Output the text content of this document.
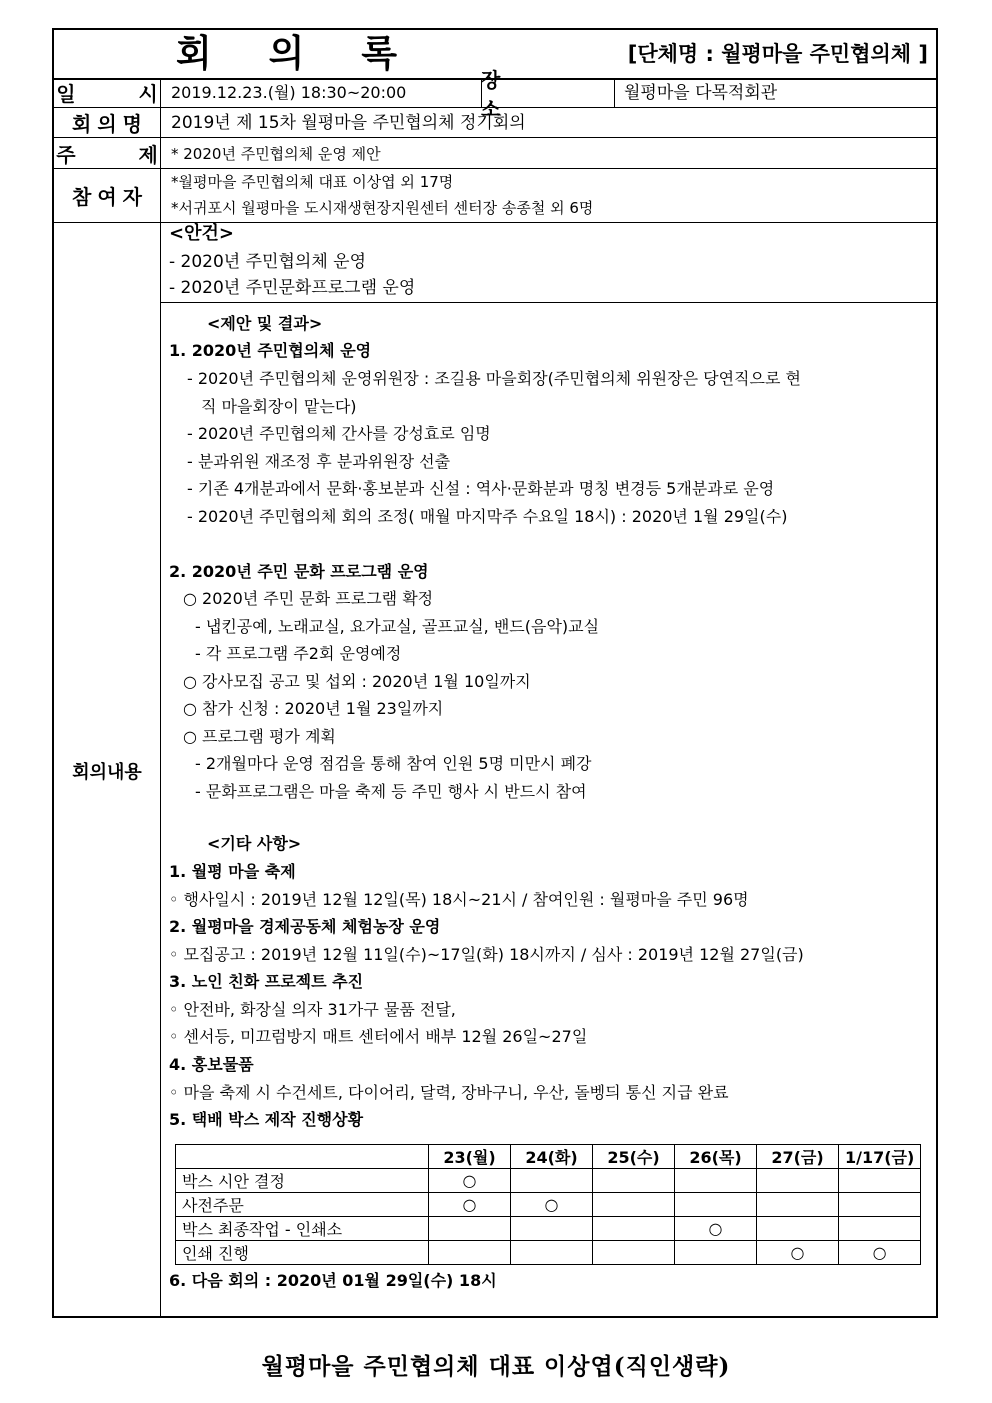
회 의 록	[단체명 : 월평마을 주민협의체 ]
일 시
2019.12.23.(월) 18:30~20:00
장 소
월평마을 다목적회관
회의명 2019년 제 15차 월평마을 주민협의체 정기회의
주 제
* 2020년 주민협의체 운영 제안
참여자
*월평마을 주민협의체 대표 이상엽 외 17명
*서귀포시 월평마을 도시재생현장지원센터 센터장 송종철 외 6명
회의내용
<안건>
- 2020년 주민협의체 운영
- 2020년 주민문화프로그램 운영
<제안 및 결과>
1. 2020년 주민협의체 운영
- 2020년 주민협의체 운영위원장 : 조길용 마을회장(주민협의체 위원장은 당연직으로 현
직 마을회장이 맡는다)
- 2020년 주민협의체 간사를 강성효로 임명
- 분과위원 재조정 후 분과위원장 선출
- 기존 4개분과에서 문화·홍보분과 신설 : 역사·문화분과 명칭 변경등 5개분과로 운영
- 2020년 주민협의체 회의 조정( 매월 마지막주 수요일 18시) : 2020년 1월 29일(수)
2. 2020년 주민 문화 프로그램 운영
○ 2020년 주민 문화 프로그램 확정
- 냅킨공예, 노래교실, 요가교실, 골프교실, 밴드(음악)교실
- 각 프로그램 주2회 운영예정
○ 강사모집 공고 및 섭외 : 2020년 1월 10일까지
○ 참가 신청 : 2020년 1월 23일까지
○ 프로그램 평가 계획
- 2개월마다 운영 점검을 통해 참여 인원 5명 미만시 폐강
- 문화프로그램은 마을 축제 등 주민 행사 시 반드시 참여
<기타 사항>
1. 월평 마을 축제
◦ 행사일시 : 2019년 12월 12일(목) 18시~21시 / 참여인원 : 월평마을 주민 96명
2. 월평마을 경제공동체 체험농장 운영
◦ 모집공고 : 2019년 12월 11일(수)~17일(화) 18시까지 / 심사 : 2019년 12월 27일(금)
3. 노인 친화 프로젝트 추진
◦ 안전바, 화장실 의자 31가구 물품 전달,
◦ 센서등, 미끄럼방지 매트 센터에서 배부 12월 26일~27일
4. 홍보물품
◦ 마을 축제 시 수건세트, 다이어리, 달력, 장바구니, 우산, 돌벵듸 통신 지급 완료
5. 택배 박스 제작 진행상황
6. 다음 회의 : 2020년 01월 29일(수) 18시
	23(월)	24(화)	25(수)	26(목)	27(금)	1/17(금)
박스 시안 결정	○					
사전주문	○	○				
박스 최종작업 - 인쇄소				○		
인쇄 진행					○	○
월평마을 주민협의체 대표 이상엽(직인생략)
